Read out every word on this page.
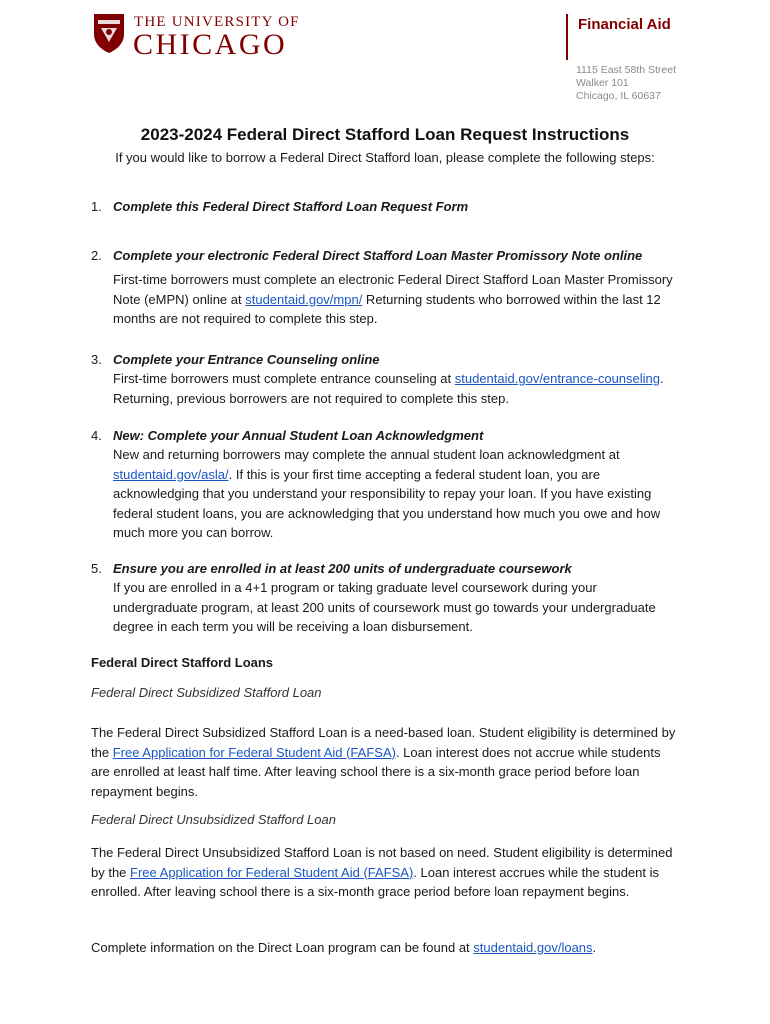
THE UNIVERSITY OF
CHICAGO
Financial Aid
1115 East 58th Street
Walker 101
Chicago, IL 60637
2023-2024 Federal Direct Stafford Loan Request Instructions
If you would like to borrow a Federal Direct Stafford loan, please complete the following steps:
1. Complete this Federal Direct Stafford Loan Request Form
2. Complete your electronic Federal Direct Stafford Loan Master Promissory Note online
First-time borrowers must complete an electronic Federal Direct Stafford Loan Master Promissory Note (eMPN) online at studentaid.gov/mpn/ Returning students who borrowed within the last 12 months are not required to complete this step.
3. Complete your Entrance Counseling online
First-time borrowers must complete entrance counseling at studentaid.gov/entrance-counseling. Returning, previous borrowers are not required to complete this step.
4. New: Complete your Annual Student Loan Acknowledgment
New and returning borrowers may complete the annual student loan acknowledgment at studentaid.gov/asla/. If this is your first time accepting a federal student loan, you are acknowledging that you understand your responsibility to repay your loan. If you have existing federal student loans, you are acknowledging that you understand how much you owe and how much more you can borrow.
5. Ensure you are enrolled in at least 200 units of undergraduate coursework
If you are enrolled in a 4+1 program or taking graduate level coursework during your undergraduate program, at least 200 units of coursework must go towards your undergraduate degree in each term you will be receiving a loan disbursement.
Federal Direct Stafford Loans
Federal Direct Subsidized Stafford Loan
The Federal Direct Subsidized Stafford Loan is a need-based loan. Student eligibility is determined by the Free Application for Federal Student Aid (FAFSA). Loan interest does not accrue while students are enrolled at least half time. After leaving school there is a six-month grace period before loan repayment begins.
Federal Direct Unsubsidized Stafford Loan
The Federal Direct Unsubsidized Stafford Loan is not based on need. Student eligibility is determined by the Free Application for Federal Student Aid (FAFSA). Loan interest accrues while the student is enrolled. After leaving school there is a six-month grace period before loan repayment begins.
Complete information on the Direct Loan program can be found at studentaid.gov/loans.
